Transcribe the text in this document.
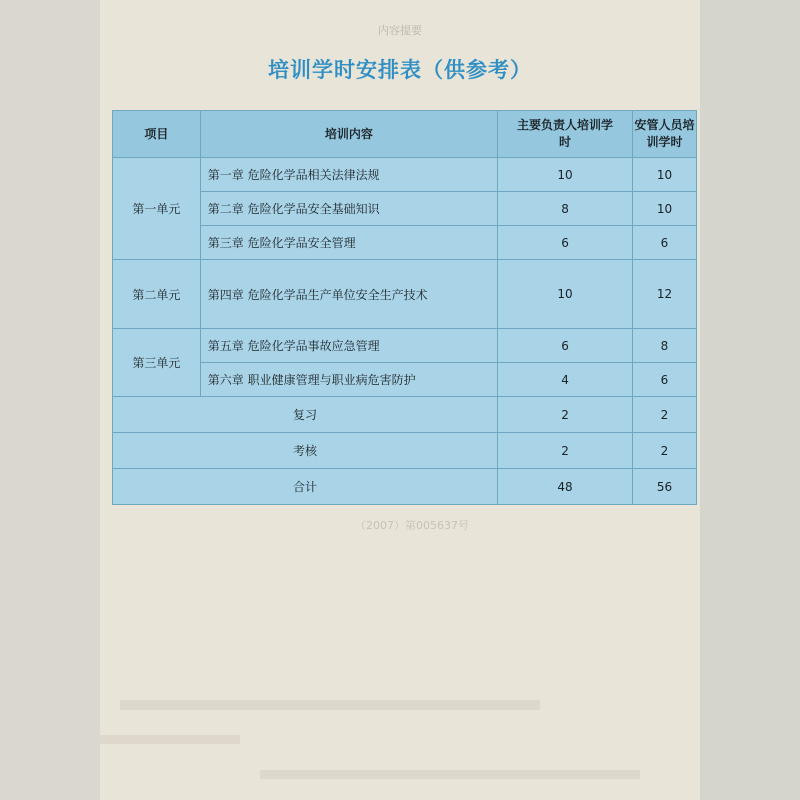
内容提要
培训学时安排表（供参考）
项目	培训内容	主要负责人培训学时	安管人员培训学时

第一单元	第一章 危险化学品相关法律法规	10	10
	第二章 危险化学品安全基础知识	8	10
	第三章 危险化学品安全管理	6	6
第二单元	第四章 危险化学品生产单位安全生产技术	10	12
第三单元	第五章 危险化学品事故应急管理	6	8
	第六章 职业健康管理与职业病危害防护	4	6
复习		2	2
考核		2	2
合计		48	56
（2007）第005637号
